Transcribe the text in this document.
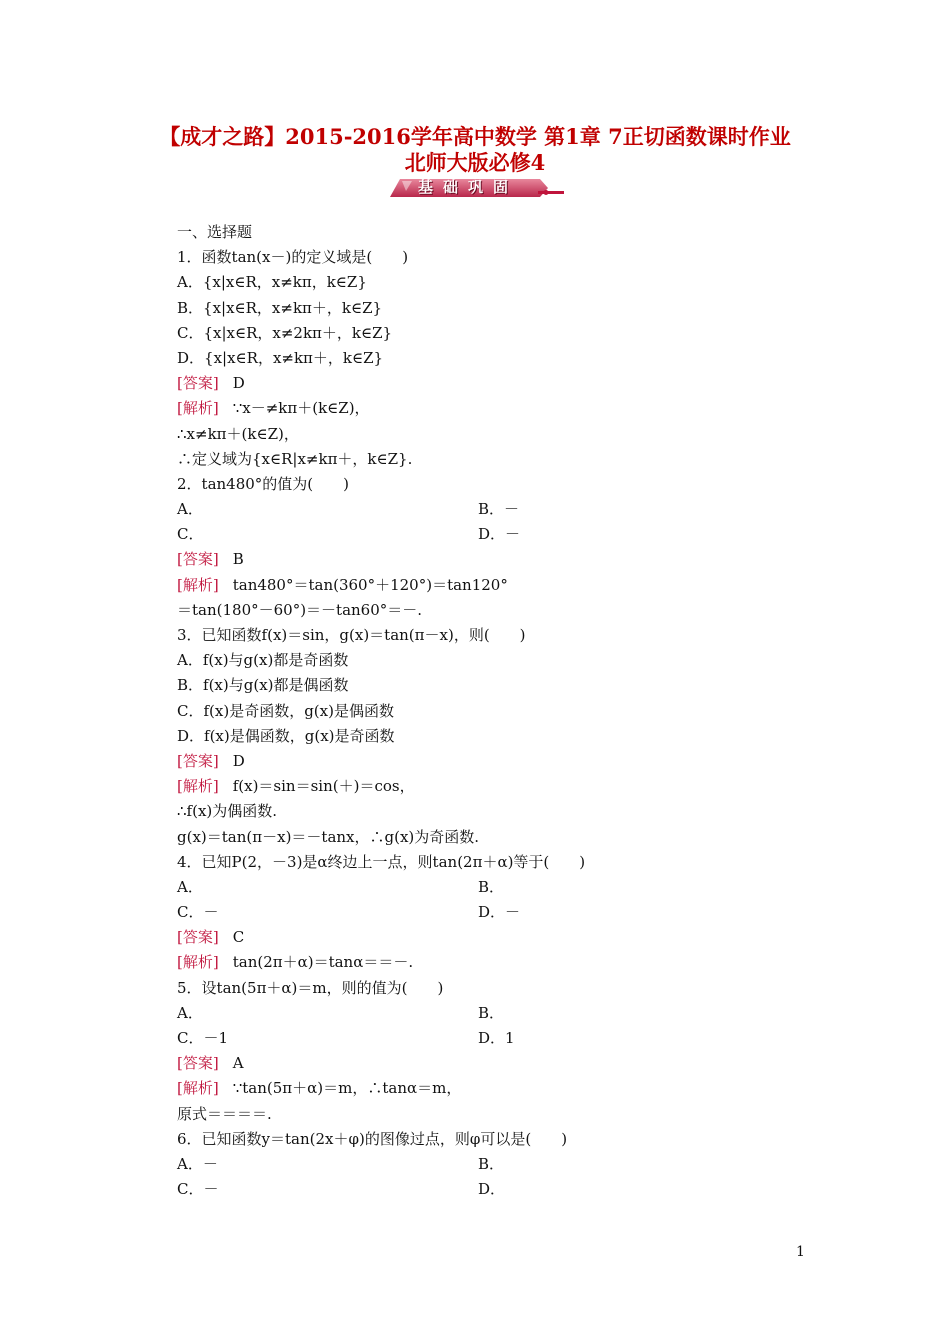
【成才之路】2015-2016学年高中数学 第1章 7正切函数课时作业
北师大版必修4
基础巩固
一、选择题
1．函数tan(x－)的定义域是(　　)
A．{x|x∈R，x≠kπ，k∈Z}
B．{x|x∈R，x≠kπ＋，k∈Z}
C．{x|x∈R，x≠2kπ＋，k∈Z}
D．{x|x∈R，x≠kπ＋，k∈Z}
[答案] D
[解析] ∵x－≠kπ＋(k∈Z)，
∴x≠kπ＋(k∈Z)，
∴定义域为{x∈R|x≠kπ＋，k∈Z}.
2．tan480°的值为(　　)
A．	B．－
C．	D．－
[答案] B
[解析] tan480°＝tan(360°＋120°)＝tan120°
＝tan(180°－60°)＝－tan60°＝－.
3．已知函数f(x)＝sin，g(x)＝tan(π－x)，则(　　)
A．f(x)与g(x)都是奇函数
B．f(x)与g(x)都是偶函数
C．f(x)是奇函数，g(x)是偶函数
D．f(x)是偶函数，g(x)是奇函数
[答案] D
[解析] f(x)＝sin＝sin(＋)＝cos，
∴f(x)为偶函数.
g(x)＝tan(π－x)＝－tanx，∴g(x)为奇函数.
4．已知P(2，－3)是α终边上一点，则tan(2π＋α)等于(　　)
A．	B．
C．－	D．－
[答案] C
[解析] tan(2π＋α)＝tanα＝＝－.
5．设tan(5π＋α)＝m，则的值为(　　)
A．	B．
C．－1	D．1
[答案] A
[解析] ∵tan(5π＋α)＝m，∴tanα＝m，
原式＝＝＝＝.
6．已知函数y＝tan(2x＋φ)的图像过点，则φ可以是(　　)
A．－	B．
C．－	D．
1
